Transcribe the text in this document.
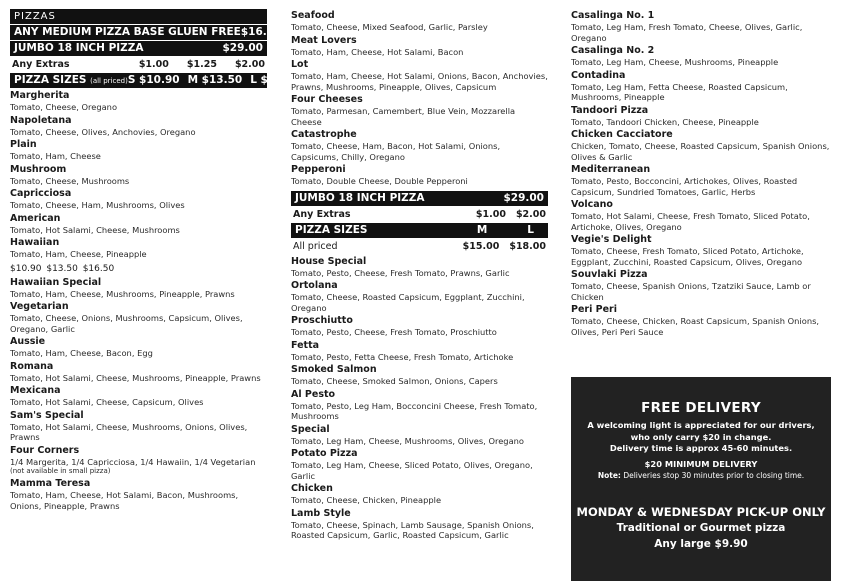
PIZZAS
ANY MEDIUM PIZZA BASE GLUEN FREE $16.00
JUMBO 18 INCH PIZZA	$29.00
Any Extras	$1.00 $1.25 $2.00
PIZZA SIZES (all priced) S $10.90 M $13.50 L $16.50
Margherita
Tomato, Cheese, Oregano
Napoletana
Tomato, Cheese, Olives, Anchovies, Oregano
Plain
Tomato, Ham, Cheese
Mushroom
Tomato, Cheese, Mushrooms
Capricciosa
Tomato, Cheese, Ham, Mushrooms, Olives
American
Tomato, Hot Salami, Cheese, Mushrooms
Hawaiian
Tomato, Ham, Cheese, Pineapple
$10.90 $13.50 $16.50
Hawaiian Special
Tomato, Ham, Cheese, Mushrooms, Pineapple, Prawns
Vegetarian
Tomato, Cheese, Onions, Mushrooms, Capsicum, Olives, Oregano, Garlic
Aussie
Tomato, Ham, Cheese, Bacon, Egg
Romana
Tomato, Hot Salami, Cheese, Mushrooms, Pineapple, Prawns
Mexicana
Tomato, Hot Salami, Cheese, Capsicum, Olives
Sam's Special
Tomato, Hot Salami, Cheese, Mushrooms, Onions, Olives, Prawns
Four Corners
1/4 Margerita, 1/4 Capricciosa, 1/4 Hawaiin, 1/4 Vegetarian
(not available in small pizza)
Mamma Teresa
Tomato, Ham, Cheese, Hot Salami, Bacon, Mushrooms, Onions, Pineapple, Prawns
Seafood
Tomato, Cheese, Mixed Seafood, Garlic, Parsley
Meat Lovers
Tomato, Ham, Cheese, Hot Salami, Bacon
Lot
Tomato, Ham, Cheese, Hot Salami, Onions, Bacon, Anchovies, Prawns, Mushrooms, Pineapple, Olives, Capsicum
Four Cheeses
Tomato, Parmesan, Camembert, Blue Vein, Mozzarella Cheese
Catastrophe
Tomato, Cheese, Ham, Bacon, Hot Salami, Onions, Capsicums, Chilly, Oregano
Pepperoni
Tomato, Double Cheese, Double Pepperoni
JUMBO 18 INCH PIZZA	$29.00
Any Extras	$1.00 $2.00
PIZZA SIZES	M	L
All priced	$15.00 $18.00
House Special
Tomato, Pesto, Cheese, Fresh Tomato, Prawns, Garlic
Ortolana
Tomato, Cheese, Roasted Capsicum, Eggplant, Zucchini, Oregano
Proschiutto
Tomato, Pesto, Cheese, Fresh Tomato, Proschiutto
Fetta
Tomato, Pesto, Fetta Cheese, Fresh Tomato, Artichoke
Smoked Salmon
Tomato, Cheese, Smoked Salmon, Onions, Capers
Al Pesto
Tomato, Pesto, Leg Ham, Bocconcini Cheese, Fresh Tomato, Mushrooms
Special
Tomato, Leg Ham, Cheese, Mushrooms, Olives, Oregano
Potato Pizza
Tomato, Leg Ham, Cheese, Sliced Potato, Olives, Oregano, Garlic
Chicken
Tomato, Cheese, Chicken, Pineapple
Lamb Style
Tomato, Cheese, Spinach, Lamb Sausage, Spanish Onions, Roasted Capsicum, Garlic, Roasted Capsicum, Garlic
Casalinga No. 1
Tomato, Leg Ham, Fresh Tomato, Cheese, Olives, Garlic, Oregano
Casalinga No. 2
Tomato, Leg Ham, Cheese, Mushrooms, Pineapple
Contadina
Tomato, Leg Ham, Fetta Cheese, Roasted Capsicum, Mushrooms, Pineapple
Tandoori Pizza
Tomato, Tandoori Chicken, Cheese, Pineapple
Chicken Cacciatore
Chicken, Tomato, Cheese, Roasted Capsicum, Spanish Onions, Olives & Garlic
Mediterranean
Tomato, Pesto, Bocconcini, Artichokes, Olives, Roasted Capsicum, Sundried Tomatoes, Garlic, Herbs
Volcano
Tomato, Hot Salami, Cheese, Fresh Tomato, Sliced Potato, Artichoke, Olives, Oregano
Vegie's Delight
Tomato, Cheese, Fresh Tomato, Sliced Potato, Artichoke, Eggplant, Zucchini, Roasted Capsicum, Olives, Oregano
Souvlaki Pizza
Tomato, Cheese, Spanish Onions, Tzatziki Sauce, Lamb or Chicken
Peri Peri
Tomato, Cheese, Chicken, Roast Capsicum, Spanish Onions, Olives, Peri Peri Sauce
FREE DELIVERY
A welcoming light is appreciated for our drivers,
who only carry $20 in change.
Delivery time is approx 45-60 minutes.
$20 MINIMUM DELIVERY
Note: Deliveries stop 30 minutes prior to closing time.
MONDAY & WEDNESDAY PICK-UP ONLY
Traditional or Gourmet pizza
Any large $9.90
